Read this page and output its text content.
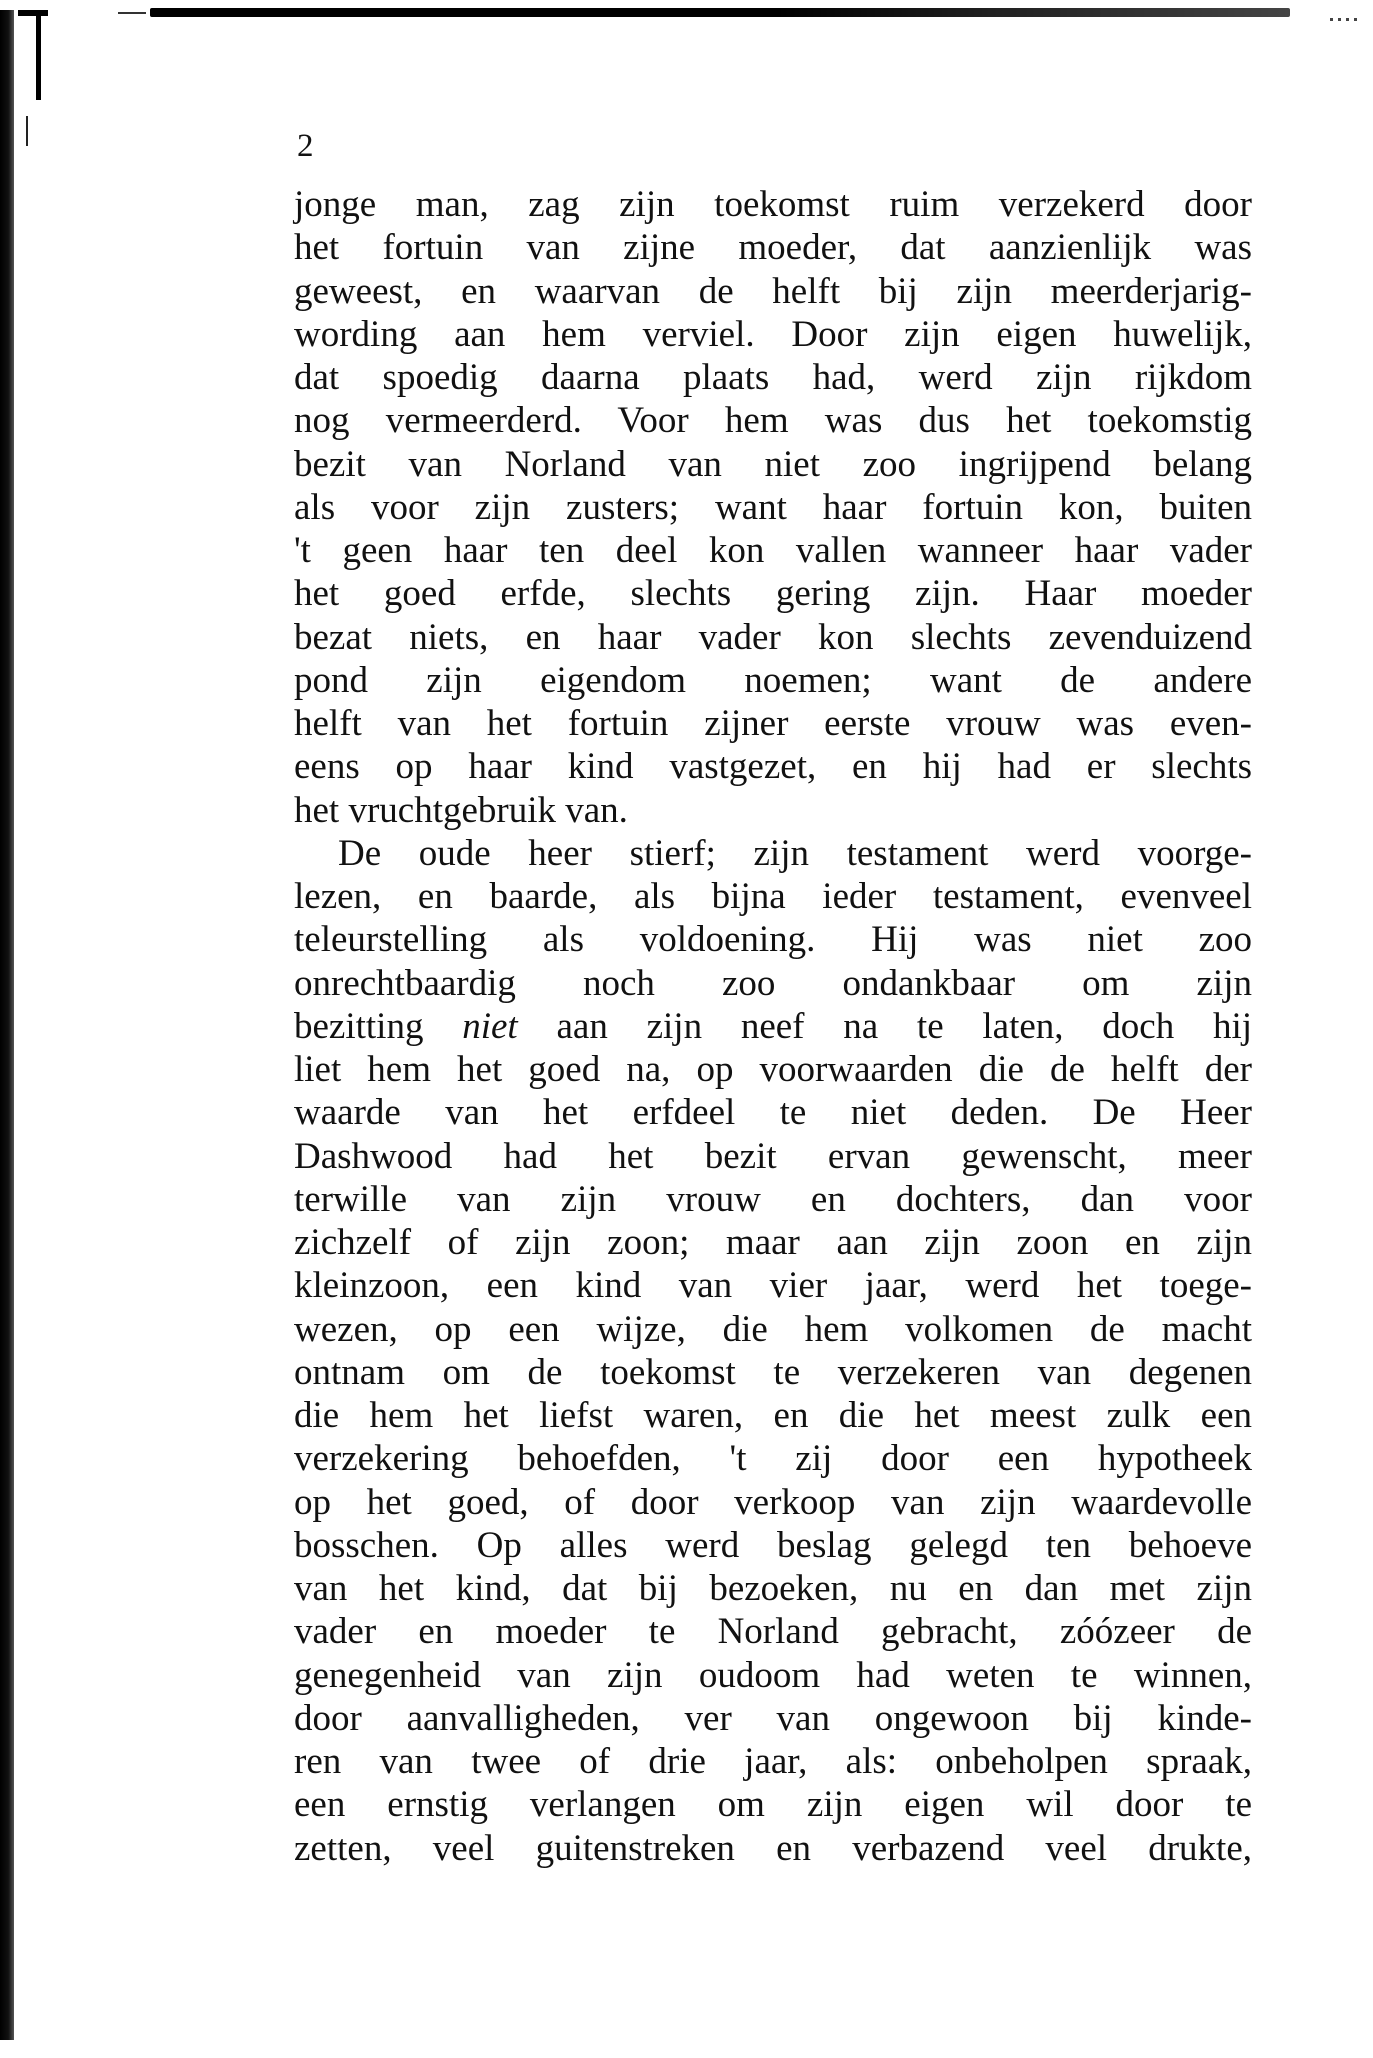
2
jonge man, zag zijn toekomst ruim verzekerd door
het fortuin van zijne moeder, dat aanzienlijk was
geweest, en waarvan de helft bij zijn meerderjarig-
wording aan hem verviel. Door zijn eigen huwelijk,
dat spoedig daarna plaats had, werd zijn rijkdom
nog vermeerderd. Voor hem was dus het toekomstig
bezit van Norland van niet zoo ingrijpend belang
als voor zijn zusters; want haar fortuin kon, buiten
't geen haar ten deel kon vallen wanneer haar vader
het goed erfde, slechts gering zijn. Haar moeder
bezat niets, en haar vader kon slechts zevenduizend
pond zijn eigendom noemen; want de andere
helft van het fortuin zijner eerste vrouw was even-
eens op haar kind vastgezet, en hij had er slechts
het vruchtgebruik van.
De oude heer stierf; zijn testament werd voorge-
lezen, en baarde, als bijna ieder testament, evenveel
teleurstelling als voldoening. Hij was niet zoo
onrechtbaardig noch zoo ondankbaar om zijn
bezitting niet aan zijn neef na te laten, doch hij
liet hem het goed na, op voorwaarden die de helft der
waarde van het erfdeel te niet deden. De Heer
Dashwood had het bezit ervan gewenscht, meer
terwille van zijn vrouw en dochters, dan voor
zichzelf of zijn zoon; maar aan zijn zoon en zijn
kleinzoon, een kind van vier jaar, werd het toege-
wezen, op een wijze, die hem volkomen de macht
ontnam om de toekomst te verzekeren van degenen
die hem het liefst waren, en die het meest zulk een
verzekering behoefden, 't zij door een hypotheek
op het goed, of door verkoop van zijn waardevolle
bosschen. Op alles werd beslag gelegd ten behoeve
van het kind, dat bij bezoeken, nu en dan met zijn
vader en moeder te Norland gebracht, zóózeer de
genegenheid van zijn oudoom had weten te winnen,
door aanvalligheden, ver van ongewoon bij kinde-
ren van twee of drie jaar, als: onbeholpen spraak,
een ernstig verlangen om zijn eigen wil door te
zetten, veel guitenstreken en verbazend veel drukte,
